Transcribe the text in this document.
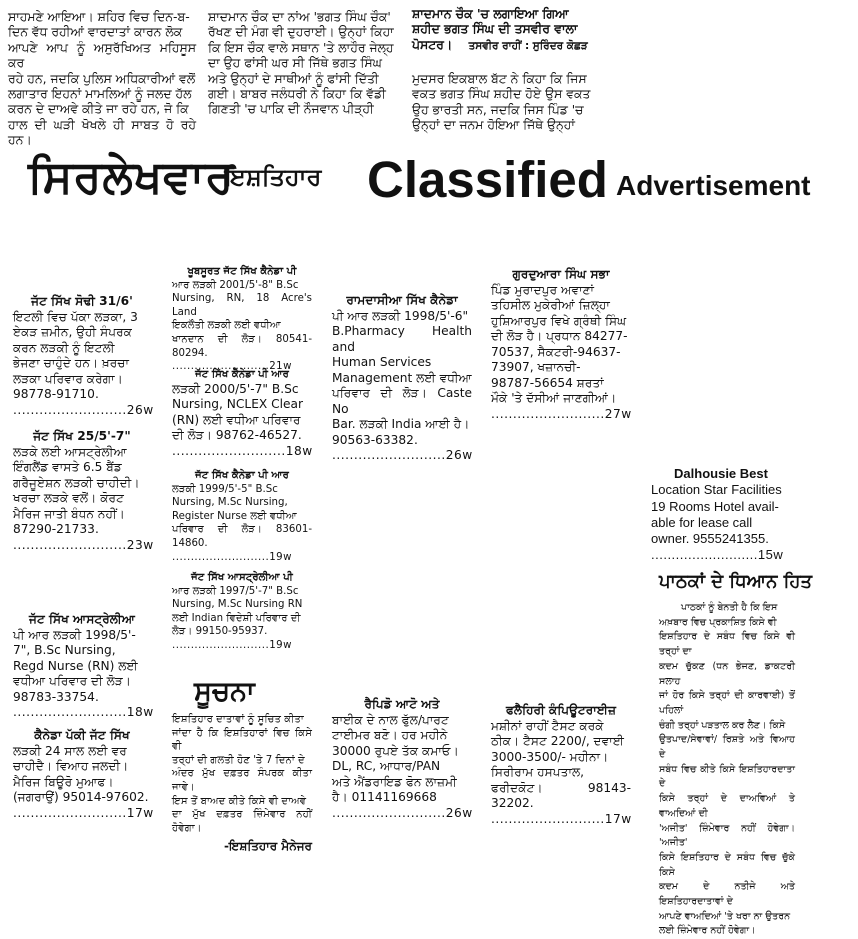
ਸਾਹਮਣੇ ਆਇਆ। ਸ਼ਹਿਰ ਵਿਚ ਦਿਨ-ਬ-
ਦਿਨ ਵੱਧ ਰਹੀਆਂ ਵਾਰਦਾਤਾਂ ਕਾਰਨ ਲੋਕ
ਆਪਣੇ ਆਪ ਨੂੰ ਅਸੁਰੱਖਿਅਤ ਮਹਿਸੂਸ ਕਰ
ਰਹੇ ਹਨ, ਜਦਕਿ ਪੁਲਿਸ ਅਧਿਕਾਰੀਆਂ ਵਲੋਂ
ਲਗਾਤਾਰ ਇਹਨਾਂ ਮਾਮਲਿਆਂ ਨੂੰ ਜਲਦ ਹੱਲ
ਕਰਨ ਦੇ ਦਾਅਵੇ ਕੀਤੇ ਜਾ ਰਹੇ ਹਨ, ਜੋ ਕਿ
ਹਾਲ ਦੀ ਘੜੀ ਖੋਖਲੇ ਹੀ ਸਾਬਤ ਹੋ ਰਹੇ ਹਨ।
ਸ਼ਾਦਮਾਨ ਚੌਕ ਦਾ ਨਾਂਅ 'ਭਗਤ ਸਿੰਘ ਚੌਕ'
ਰੱਖਣ ਦੀ ਮੰਗ ਵੀ ਦੁਹਰਾਈ। ਉਨ੍ਹਾਂ ਕਿਹਾ
ਕਿ ਇਸ ਚੌਕ ਵਾਲੇ ਸਥਾਨ 'ਤੇ ਲਾਹੌਰ ਜੇਲ੍ਹ
ਦਾ ਉਹ ਫਾਂਸੀ ਘਰ ਸੀ ਜਿੱਥੇ ਭਗਤ ਸਿੰਘ
ਅਤੇ ਉਨ੍ਹਾਂ ਦੇ ਸਾਥੀਆਂ ਨੂੰ ਫਾਂਸੀ ਦਿੱਤੀ
ਗਈ। ਬਾਬਰ ਜਲੰਧਰੀ ਨੇ ਕਿਹਾ ਕਿ ਵੱਡੀ
ਗਿਣਤੀ 'ਚ ਪਾਕਿ ਦੀ ਨੌਜਵਾਨ ਪੀੜ੍ਹੀ
ਸ਼ਾਦਮਾਨ ਚੌਕ 'ਚ ਲਗਾਇਆ ਗਿਆ
ਸ਼ਹੀਦ ਭਗਤ ਸਿੰਘ ਦੀ ਤਸਵੀਰ ਵਾਲਾ
ਪੋਸਟਰ। ਤਸਵੀਰ ਰਾਹੀਂ : ਸੁਰਿੰਦਰ ਕੋਛੜ
ਮੁਦਸਰ ਇਕਬਾਲ ਬੱਟ ਨੇ ਕਿਹਾ ਕਿ ਜਿਸ
ਵਕਤ ਭਗਤ ਸਿੰਘ ਸ਼ਹੀਦ ਹੋਏ ਉਸ ਵਕਤ
ਉਹ ਭਾਰਤੀ ਸਨ, ਜਦਕਿ ਜਿਸ ਪਿੰਡ 'ਚ
ਉਨ੍ਹਾਂ ਦਾ ਜਨਮ ਹੋਇਆ ਜਿੱਥੇ ਉਨ੍ਹਾਂ
ਸਿਰਲੇਖਵਾਰ
ਇਸ਼ਤਿਹਾਰ Classified Advertisement
ਜੱਟ ਸਿੱਖ ਸੋਢੀ 31/6'
ਇਟਲੀ ਵਿਚ ਪੱਕਾ ਲੜਕਾ, 3
ਏਕੜ ਜ਼ਮੀਨ, ਉਹੀ ਸੰਪਰਕ
ਕਰਨ ਲੜਕੀ ਨੂੰ ਇਟਲੀ
ਭੇਜਣਾ ਚਾਹੁੰਦੇ ਹਨ। ਖ਼ਰਚਾ
ਲੜਕਾ ਪਰਿਵਾਰ ਕਰੇਗਾ।
98778-91710.
..........................26w
ਜੱਟ ਸਿੱਖ 25/5'-7"
ਲੜਕੇ ਲਈ ਆਸਟ੍ਰੇਲੀਆ
ਇੰਗਲੈਂਡ ਵਾਸਤੇ 6.5 ਬੈਂਡ
ਗਰੈਜੂਏਸ਼ਨ ਲੜਕੀ ਚਾਹੀਦੀ।
ਖਰਚਾ ਲੜਕੇ ਵਲੋਂ। ਕੋਰਟ
ਮੈਰਿਜ ਜਾਤੀ ਬੰਧਨ ਨਹੀਂ।
87290-21733.
..........................23w
ਜੱਟ ਸਿੱਖ ਆਸਟ੍ਰੇਲੀਆ
ਪੀ ਆਰ ਲੜਕੀ 1998/5'-
7", B.Sc Nursing,
Regd Nurse (RN) ਲਈ
ਵਧੀਆ ਪਰਿਵਾਰ ਦੀ ਲੋੜ।
98783-33754.
..........................18w
ਕੈਨੇਡਾ ਪੱਕੀ ਜੱਟ ਸਿੱਖ
ਲੜਕੀ 24 ਸਾਲ ਲਈ ਵਰ
ਚਾਹੀਦੈ। ਵਿਆਹ ਜਲਦੀ।
ਮੈਰਿਜ ਬਿਊਰੋ ਮੁਆਫ।
(ਜਗਰਾਉਂ) 95014-97602.
..........................17w
ਖੂਬਸੂਰਤ ਜੱਟ ਸਿੱਖ ਕੈਨੇਡਾ ਪੀ
ਆਰ ਲੜਕੀ 2001/5'-8" B.Sc
Nursing, RN, 18 Acre's Land
ਇਕਲੌਤੀ ਲੜਕੀ ਲਈ ਵਧੀਆ
ਖਾਨਦਾਨ ਦੀ ਲੋੜ। 80541-80294.
..........................21w
ਜੱਟ ਸਿੱਖ ਕੈਨੇਡਾ ਪੀ ਆਰ
ਲੜਕੀ 2000/5'-7" B.Sc
Nursing, NCLEX Clear
(RN) ਲਈ ਵਧੀਆ ਪਰਿਵਾਰ
ਦੀ ਲੋੜ। 98762-46527.
..........................18w
ਜੱਟ ਸਿੱਖ ਕੈਨੇਡਾ ਪੀ ਆਰ
ਲੜਕੀ 1999/5'-5" B.Sc
Nursing, M.Sc Nursing,
Register Nurse ਲਈ ਵਧੀਆ
ਪਰਿਵਾਰ ਦੀ ਲੋੜ। 83601-14860.
..........................19w
ਜੱਟ ਸਿੱਖ ਆਸਟ੍ਰੇਲੀਆ ਪੀ
ਆਰ ਲੜਕੀ 1997/5'-7" B.Sc
Nursing, M.Sc Nursing RN
ਲਈ Indian ਵਿਦੇਸ਼ੀ ਪਰਿਵਾਰ ਦੀ
ਲੋੜ। 99150-95937.
..........................19w
ਸੂਚਨਾ
ਇਸ਼ਤਿਹਾਰ ਦਾਤਾਵਾਂ ਨੂੰ ਸੂਚਿਤ ਕੀਤਾ
ਜਾਂਦਾ ਹੈ ਕਿ ਇਸ਼ਤਿਹਾਰਾਂ ਵਿਚ ਕਿਸੇ ਵੀ
ਤਰ੍ਹਾਂ ਦੀ ਗਲਤੀ ਹੋਣ 'ਤੇ 7 ਦਿਨਾਂ ਦੇ
ਅੰਦਰ ਮੁੱਖ ਦਫ਼ਤਰ ਸੰਪਰਕ ਕੀਤਾ ਜਾਵੇ।
ਇਸ ਤੋਂ ਬਾਅਦ ਕੀਤੇ ਕਿਸੇ ਵੀ ਦਾਅਵੇ
ਦਾ ਮੁੱਖ ਦਫ਼ਤਰ ਜ਼ਿੰਮੇਵਾਰ ਨਹੀਂ ਹੋਵੇਗਾ।
-ਇਸ਼ਤਿਹਾਰ ਮੈਨੇਜਰ
ਰਾਮਦਾਸੀਆ ਸਿੱਖ ਕੈਨੇਡਾ
ਪੀ ਆਰ ਲੜਕੀ 1998/5'-6"
B.Pharmacy Health and
Human Services
Management ਲਈ ਵਧੀਆ
ਪਰਿਵਾਰ ਦੀ ਲੋੜ। Caste No
Bar. ਲੜਕੀ India ਆਈ ਹੈ।
90563-63382.
..........................26w
ਰੈਪਿਡੋ ਆਟੋ ਅਤੇ
ਬਾਈਕ ਦੇ ਨਾਲ ਫੁੱਲ/ਪਾਰਟ
ਟਾਈਮਰ ਬਣੋ। ਹਰ ਮਹੀਨੇ
30000 ਰੁਪਏ ਤੱਕ ਕਮਾਓ।
DL, RC, ਆਧਾਰ/PAN
ਅਤੇ ਐਂਡਰਾਇਡ ਫੋਨ ਲਾਜ਼ਮੀ
ਹੈ। 01141169668
..........................26w
ਗੁਰਦੁਆਰਾ ਸਿੰਘ ਸਭਾ
ਪਿੰਡ ਮੁਰਾਦਪੁਰ ਅਵਾਣਾਂ
ਤਹਿਸੀਲ ਮੁਕੇਰੀਆਂ ਜ਼ਿਲ੍ਹਾ
ਹੁਸ਼ਿਆਰਪੁਰ ਵਿਖੇ ਗ੍ਰੰਥੀ ਸਿੰਘ
ਦੀ ਲੋੜ ਹੈ। ਪ੍ਰਧਾਨ 84277-
70537, ਸੈਕਟਰੀ-94637-
73907, ਖਜ਼ਾਨਚੀ-
98787-56654 ਸ਼ਰਤਾਂ
ਮੌਕੇ 'ਤੇ ਦੱਸੀਆਂ ਜਾਣਗੀਆਂ।
..........................27w
ਫਲੈਹਿਰੀ ਕੰਪਿਊਟਰਾਈਜ਼
ਮਸ਼ੀਨਾਂ ਰਾਹੀਂ ਟੈਸਟ ਕਰਕੇ
ਠੀਕ। ਟੈਸਟ 2200/, ਦਵਾਈ
3000-3500/- ਮਹੀਨਾ।
ਸਿਰੀਰਾਮ ਹਸਪਤਾਲ,
ਫਰੀਦਕੋਟ। 98143-32202.
..........................17w
Dalhousie Best
Location Star Facilities
19 Rooms Hotel avail-
able for lease call
owner. 9555241355.
..........................15w
ਪਾਠਕਾਂ ਦੇ ਧਿਆਨ ਹਿਤ
ਪਾਠਕਾਂ ਨੂੰ ਬੇਨਤੀ ਹੈ ਕਿ ਇਸ
ਅਖ਼ਬਾਰ ਵਿਚ ਪ੍ਰਕਾਸ਼ਿਤ ਕਿਸੇ ਵੀ
ਇਸ਼ਤਿਹਾਰ ਦੇ ਸਬੰਧ ਵਿਚ ਕਿਸੇ ਵੀ ਤਰ੍ਹਾਂ ਦਾ
ਕਦਮ ਚੁੱਕਣ (ਧਨ ਭੇਜਣ, ਡਾਕਟਰੀ ਸਲਾਹ
ਜਾਂ ਹੋਰ ਕਿਸੇ ਤਰ੍ਹਾਂ ਦੀ ਕਾਰਵਾਈ) ਤੋਂ ਪਹਿਲਾਂ
ਚੰਗੀ ਤਰ੍ਹਾਂ ਪੜਤਾਲ ਕਰ ਲੈਣ। ਕਿਸੇ
ਉਤਪਾਦ/ਸੇਵਾਵਾਂ/ ਰਿਸ਼ਤੇ ਅਤੇ ਵਿਆਹ ਦੇ
ਸਬੰਧ ਵਿਚ ਕੀਤੇ ਕਿਸੇ ਇਸ਼ਤਿਹਾਰਦਾਤਾ ਦੇ
ਕਿਸੇ ਤਰ੍ਹਾਂ ਦੇ ਦਾਅਵਿਆਂ ਤੇ ਵਾਅਦਿਆਂ ਦੀ
'ਅਜੀਤ' ਜ਼ਿੰਮੇਵਾਰ ਨਹੀਂ ਹੋਵੇਗਾ। 'ਅਜੀਤ'
ਕਿਸੇ ਇਸ਼ਤਿਹਾਰ ਦੇ ਸਬੰਧ ਵਿਚ ਚੁੱਕੇ ਕਿਸੇ
ਕਦਮ ਦੇ ਨਤੀਜੇ ਅਤੇ ਇਸ਼ਤਿਹਾਰਦਾਤਾਵਾਂ ਦੇ
ਆਪਣੇ ਵਾਅਦਿਆਂ 'ਤੇ ਖਰਾ ਨਾ ਉਤਰਨ
ਲਈ ਜ਼ਿੰਮੇਵਾਰ ਨਹੀਂ ਹੋਵੇਗਾ।
